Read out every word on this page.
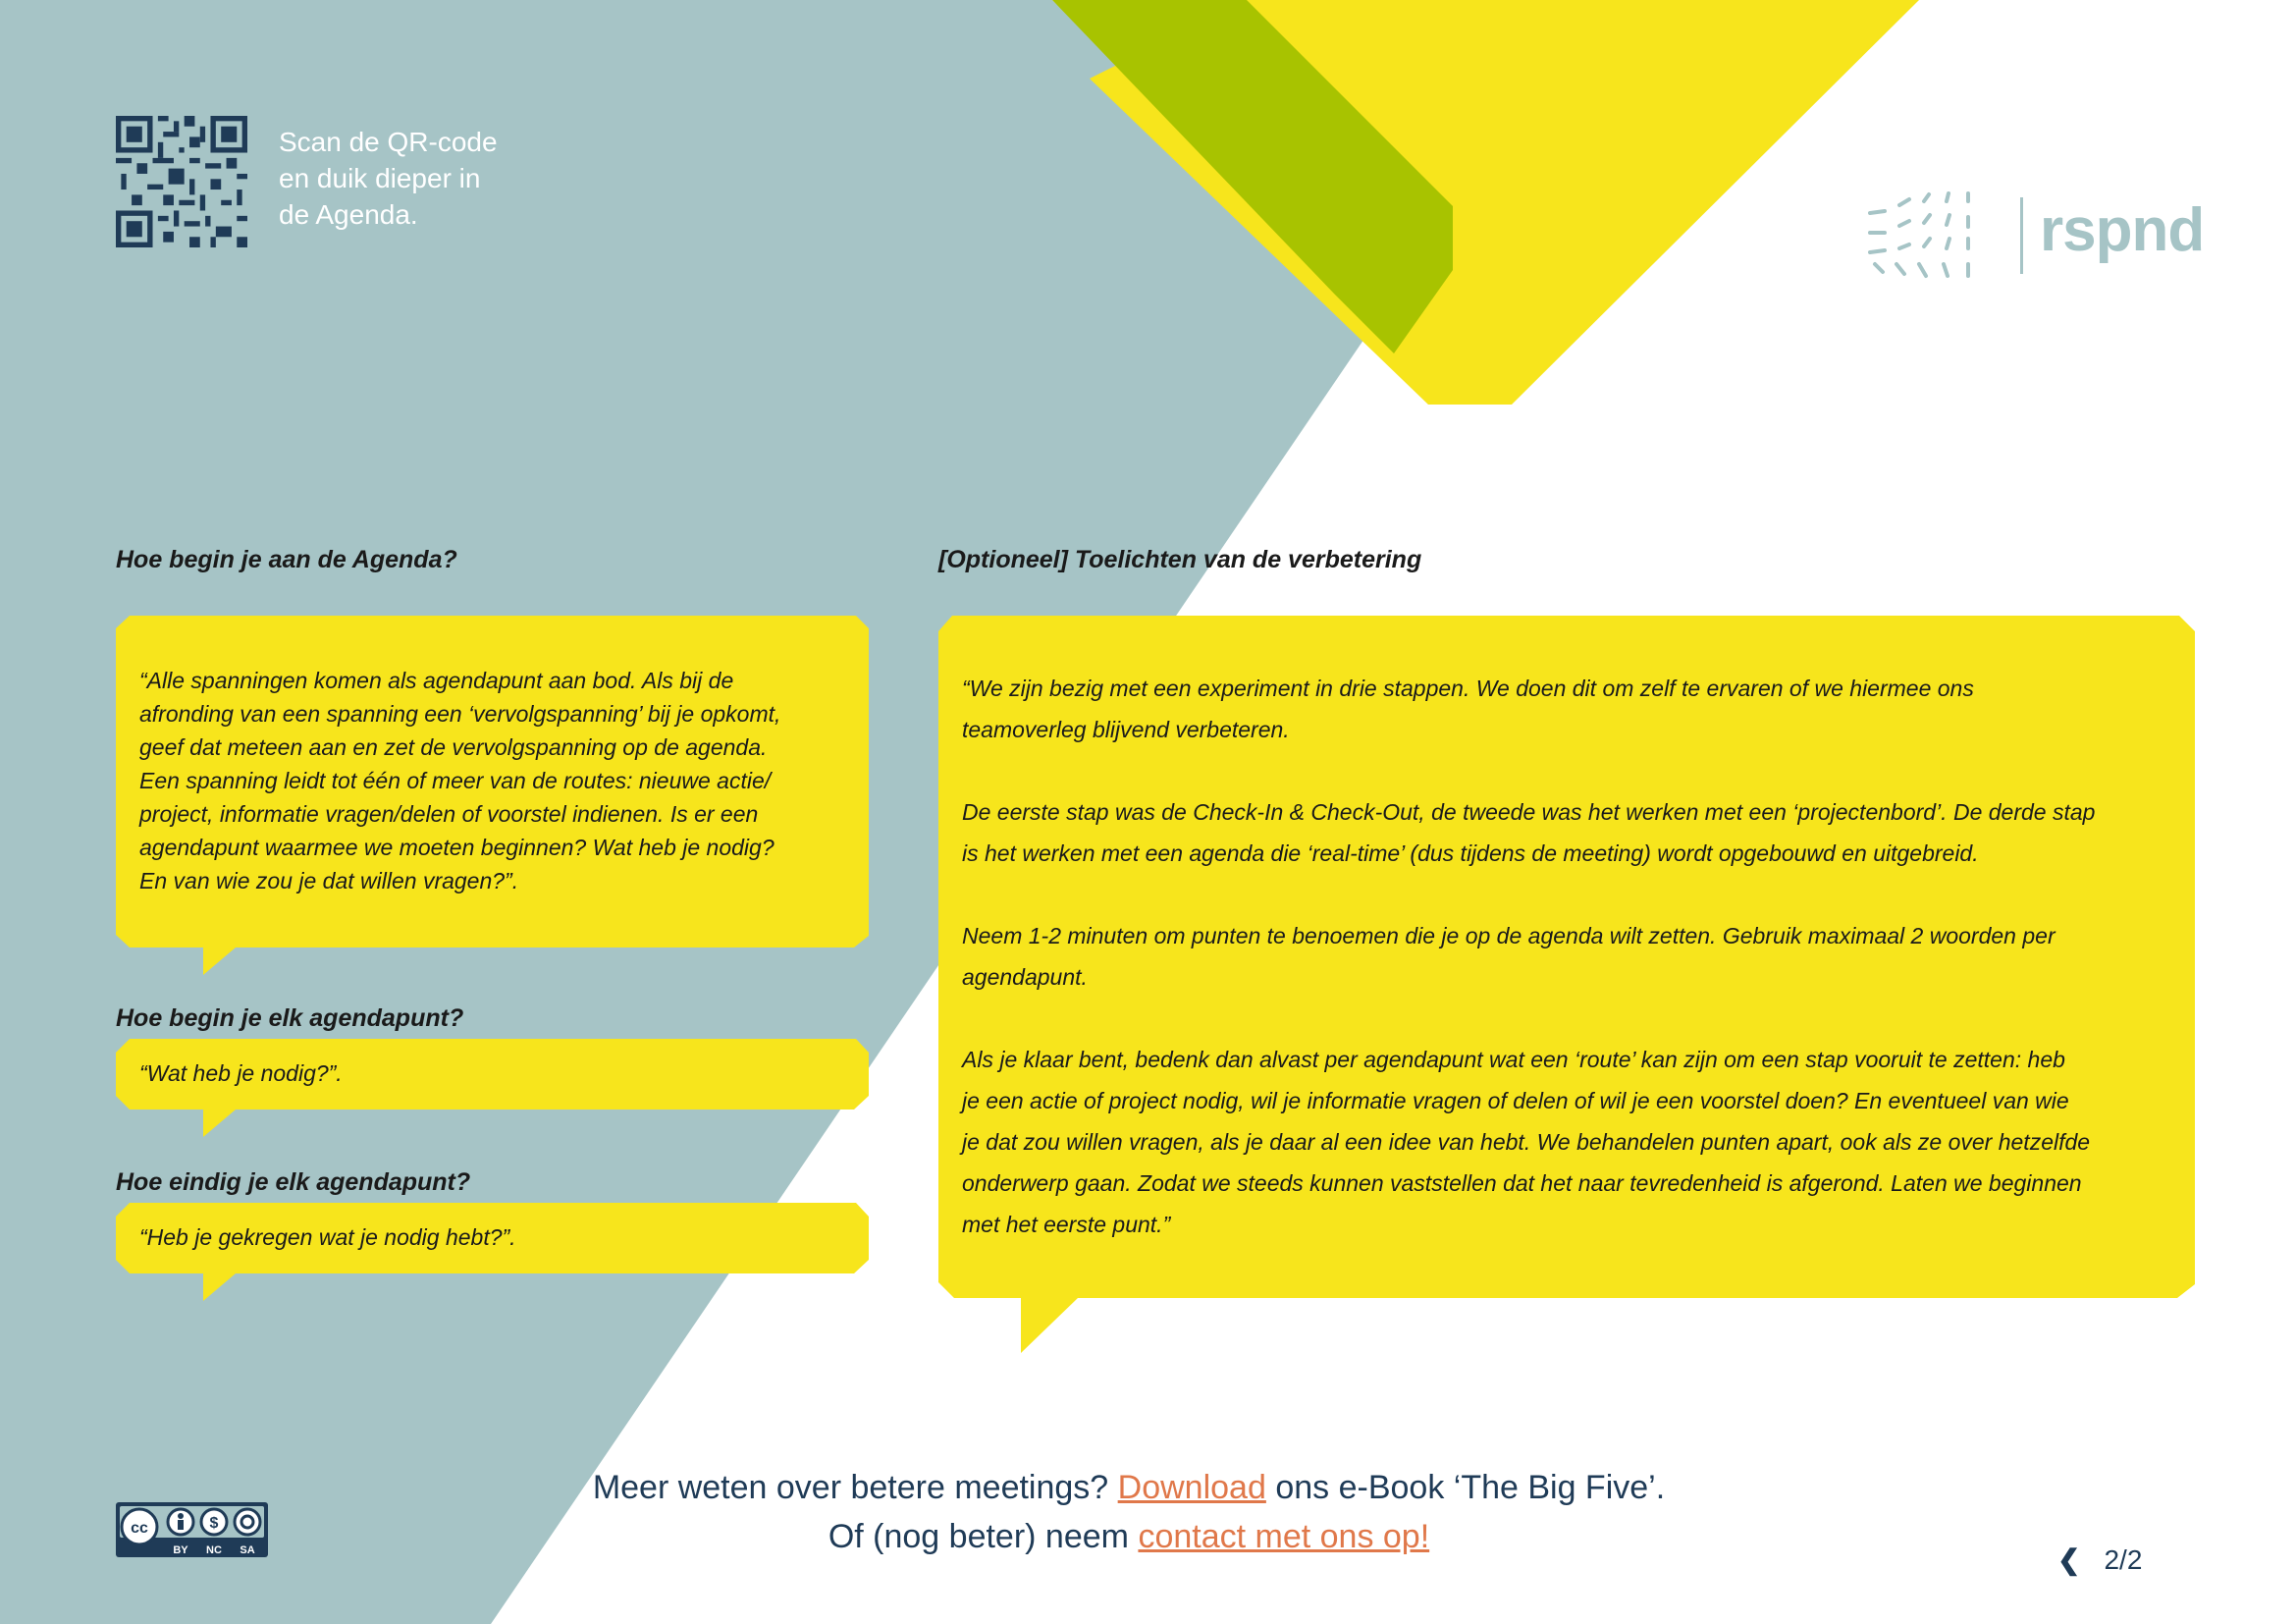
Scan de QR-code
en duik dieper in
de Agenda.	rspnd
Hoe begin je aan de Agenda?

“Alle spanningen komen als agendapunt aan bod. Als bij de

afronding van een spanning een ‘vervolgspanning’ bij je opkomt,

geef dat meteen aan en zet de vervolgspanning op de agenda.

Een spanning leidt tot één of meer van de routes: nieuwe actie/

project, informatie vragen/delen of voorstel indienen. Is er een

agendapunt waarmee we moeten beginnen? Wat heb je nodig?

En van wie zou je dat willen vragen?”.

Hoe begin je elk agendapunt?
“Wat heb je nodig?”.
Hoe eindig je elk agendapunt?
“Heb je gekregen wat je nodig hebt?”.
[Optioneel] Toelichten van de verbetering

“We zijn bezig met een experiment in drie stappen. We doen dit om zelf te ervaren of we hiermee ons
teamoverleg blijvend verbeteren.

De eerste stap was de Check-In & Check-Out, de tweede was het werken met een ‘projectenbord’. De derde stap
is het werken met een agenda die ‘real-time’ (dus tijdens de meeting) wordt opgebouwd en uitgebreid.

Neem 1-2 minuten om punten te benoemen die je op de agenda wilt zetten. Gebruik maximaal 2 woorden per
agendapunt.

Als je klaar bent, bedenk dan alvast per agendapunt wat een ‘route’ kan zijn om een stap vooruit te zetten: heb
je een actie of project nodig, wil je informatie vragen of delen of wil je een voorstel doen? En eventueel van wie
je dat zou willen vragen, als je daar al een idee van hebt. We behandelen punten apart, ook als ze over hetzelfde
onderwerp gaan. Zodat we steeds kunnen vaststellen dat het naar tevredenheid is afgerond. Laten we beginnen
met het eerste punt.”

Meer weten over betere meetings? Download ons e-Book ‘The Big Five’.
Of (nog beter) neem contact met ons op!
cc	$
BY NC SA	❮ 2/2
